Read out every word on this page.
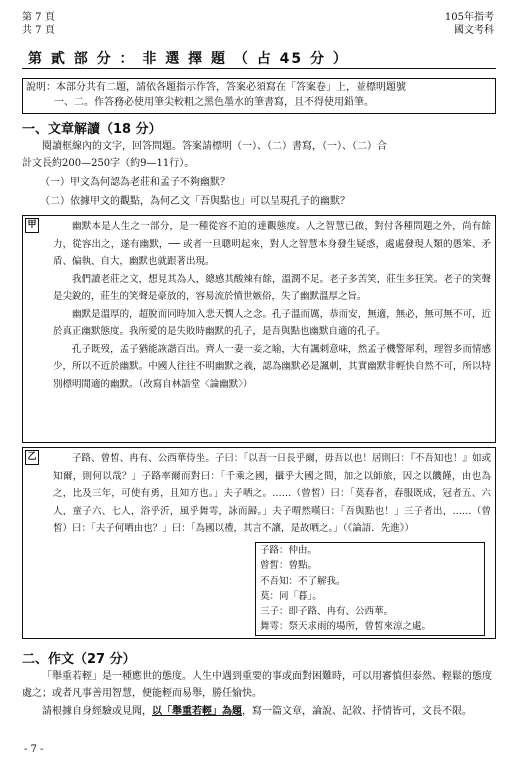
第 7 頁
共 7 頁
105年指考
國文考科
第 貳 部 分 ： 非 選 擇 題 （ 占 45 分 ）

說明：本部分共有二題，請依各題指示作答，答案必須寫在「答案卷」上，並標明題號

一、二。作答務必使用筆尖較粗之黑色墨水的筆書寫，且不得使用鉛筆。

一、文章解讀（18 分）
閱讀框線內的文字，回答問題。答案請標明（一）、（二）書寫，（一）、（二）合
計文長約200—250字（約9—11行）。
（一）甲文為何認為老莊和孟子不夠幽默？
（二）依據甲文的觀點，為何乙文「吾與點也」可以呈現孔子的幽默？
甲	幽默本是人生之一部分，是一種從容不迫的達觀態度。人之智慧已啟，對付各種問題之外，尚有餘力，從容出之，遂有幽默，── 或者一旦聰明起來，對人之智慧本身發生疑惑，處處發現人類的愚笨、矛盾、偏執、自大，幽默也就跟著出現。

我們讀老莊之文，想見其為人，總感其酸辣有餘，溫潤不足。老子多苦笑，莊生多狂笑。老子的笑聲是尖銳的，莊生的笑聲是豪放的，容易流於憤世嫉俗，失了幽默溫厚之旨。

幽默是溫厚的，超脫而同時加入悲天憫人之念。孔子溫而厲，恭而安，無適，無必，無可無不可，近於真正幽默態度。我所愛的是失敗時幽默的孔子，是吾與點也幽默自適的孔子。

孔子既歿，孟子猶能詼諧百出。齊人一妻一妾之喻，大有諷刺意味，然孟子機警犀利，理智多而情感少，所以不近於幽默。中國人往往不明幽默之義，認為幽默必是諷刺，其實幽默非輕快自然不可，所以特別標明閒適的幽默。（改寫自林語堂〈論幽默〉）

乙	子路、曾皙、冉有、公西華侍坐。子曰：「以吾一日長乎爾，毋吾以也！居則曰：『不吾知也！』如或知爾，則何以哉？」子路率爾而對曰：「千乘之國，攝乎大國之間，加之以師旅，因之以饑饉，由也為之，比及三年，可使有勇，且知方也。」夫子哂之。……（曾皙）曰：「莫春者，春服既成，冠者五、六人，童子六、七人，浴乎沂，風乎舞雩，詠而歸。」夫子喟然嘆曰：「吾與點也！」三子者出，……（曾皙）曰：「夫子何哂由也？」曰：「為國以禮，其言不讓，是故哂之。」（《論語．先進》）

子路：仲由。
曾皙：曾點。
不吾知：不了解我。
莫：同「暮」。
三子：即子路、冉有、公西華。
舞雩：祭天求雨的場所，曾皙來涼之處。
二、作文（27 分）
「舉重若輕」是一種應世的態度。人生中遇到重要的事或面對困難時，可以用審慎但泰然、輕鬆的態度處之；或者凡事善用智慧，便能輕而易舉，勝任愉快。
請根據自身經驗或見聞，以「舉重若輕」為題，寫一篇文章，論說、記敘、抒情皆可，文長不限。
- 7 -
